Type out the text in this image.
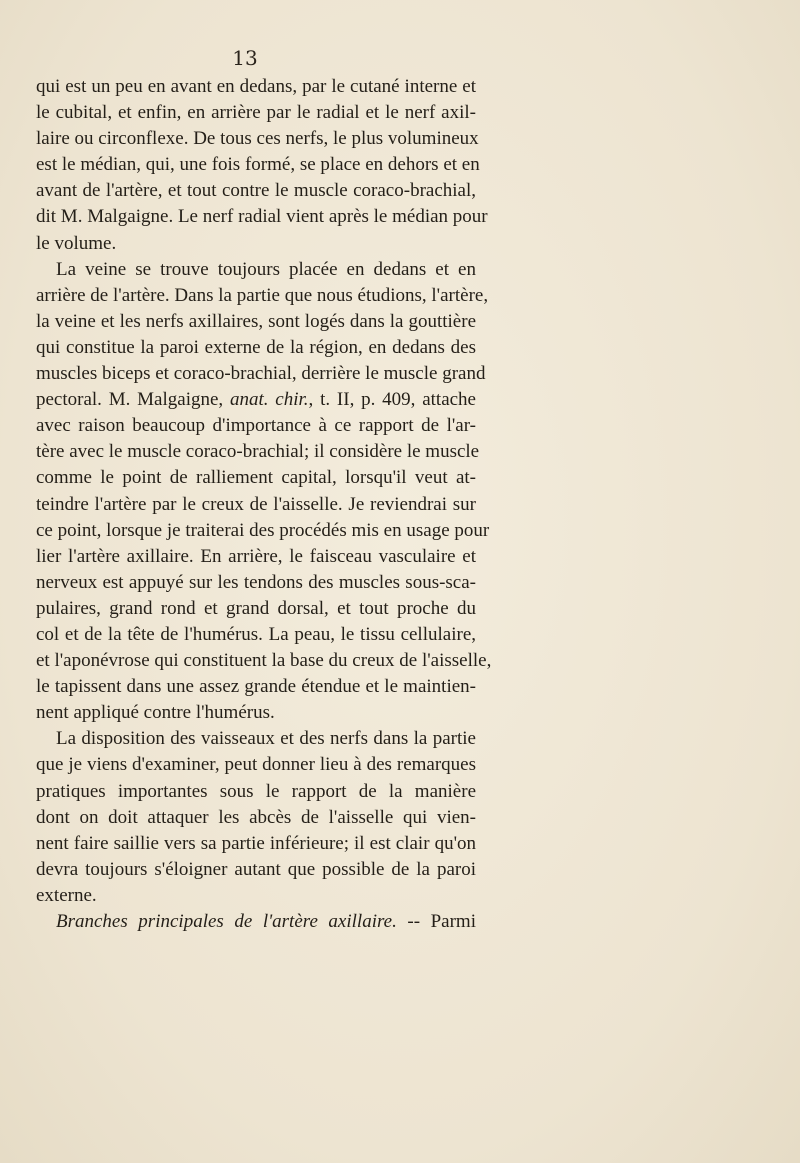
13
qui est un peu en avant en dedans, par le cutané interne et
le cubital, et enfin, en arrière par le radial et le nerf axil-
laire ou circonflexe. De tous ces nerfs, le plus volumineux
est le médian, qui, une fois formé, se place en dehors et en
avant de l'artère, et tout contre le muscle coraco-brachial,
dit M. Malgaigne. Le nerf radial vient après le médian pour
le volume.
La veine se trouve toujours placée en dedans et en
arrière de l'artère. Dans la partie que nous étudions, l'artère,
la veine et les nerfs axillaires, sont logés dans la gouttière
qui constitue la paroi externe de la région, en dedans des
muscles biceps et coraco-brachial, derrière le muscle grand
pectoral. M. Malgaigne, anat. chir., t. II, p. 409, attache
avec raison beaucoup d'importance à ce rapport de l'ar-
tère avec le muscle coraco-brachial; il considère le muscle
comme le point de ralliement capital, lorsqu'il veut at-
teindre l'artère par le creux de l'aisselle. Je reviendrai sur
ce point, lorsque je traiterai des procédés mis en usage pour
lier l'artère axillaire. En arrière, le faisceau vasculaire et
nerveux est appuyé sur les tendons des muscles sous-sca-
pulaires, grand rond et grand dorsal, et tout proche du
col et de la tête de l'humérus. La peau, le tissu cellulaire,
et l'aponévrose qui constituent la base du creux de l'aisselle,
le tapissent dans une assez grande étendue et le maintien-
nent appliqué contre l'humérus.
La disposition des vaisseaux et des nerfs dans la partie
que je viens d'examiner, peut donner lieu à des remarques
pratiques importantes sous le rapport de la manière
dont on doit attaquer les abcès de l'aisselle qui vien-
nent faire saillie vers sa partie inférieure; il est clair qu'on
devra toujours s'éloigner autant que possible de la paroi
externe.
Branches principales de l'artère axillaire. -- Parmi
